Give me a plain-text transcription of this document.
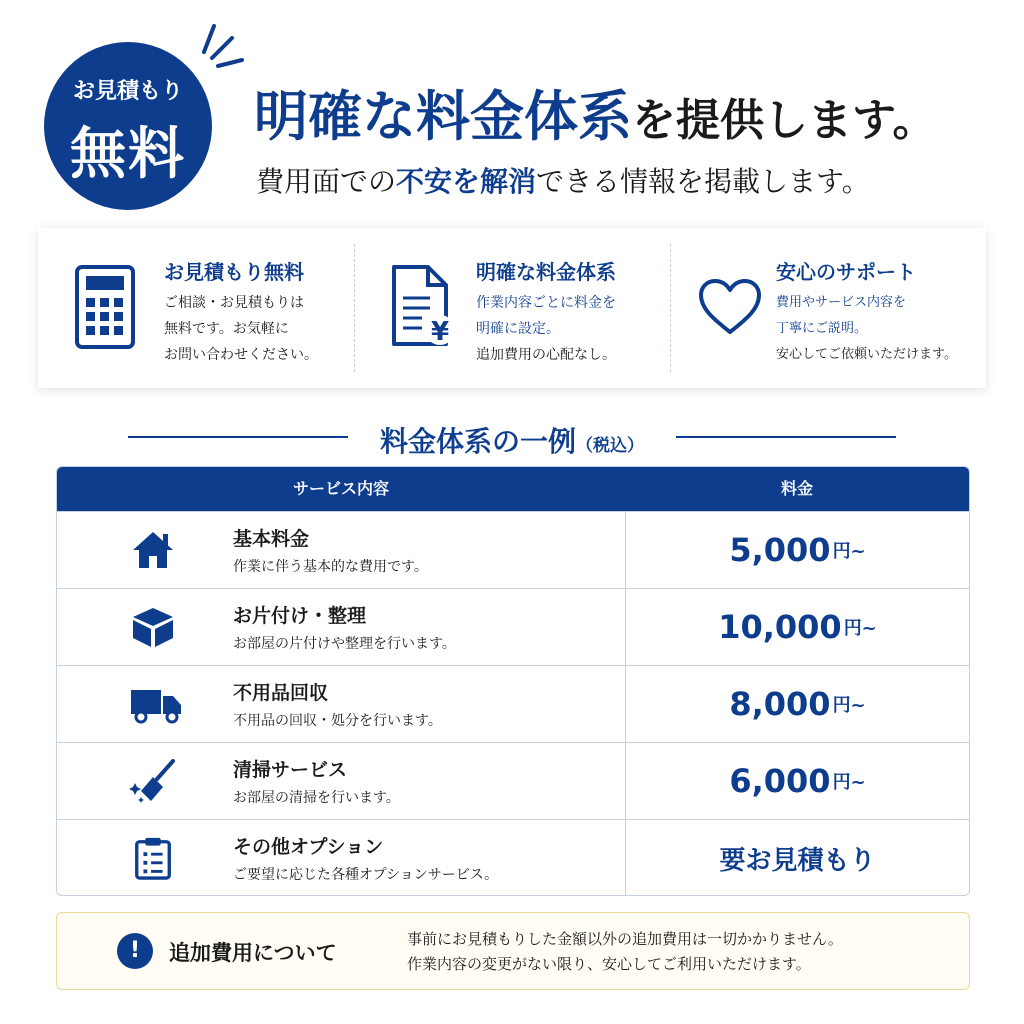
お見積もり
無料
明確な料金体系を提供します。
費用面での不安を解消できる情報を掲載します。
お見積もり無料
ご相談・お見積もりは
無料です。お気軽に
お問い合わせください。
¥
明確な料金体系
作業内容ごとに料金を
明確に設定。
追加費用の心配なし。
安心のサポート
費用やサービス内容を
丁寧にご説明。
安心してご依頼いただけます。
料金体系の一例（税込）
サービス内容	料金
基本料金
作業に伴う基本的な費用です。	5,000 円~
お片付け・整理
お部屋の片付けや整理を行います。	10,000 円~
不用品回収
不用品の回収・処分を行います。	8,000 円~
清掃サービス
お部屋の清掃を行います。	6,000 円~
その他オプション
ご要望に応じた各種オプションサービス。	要お見積もり
!	追加費用について
事前にお見積もりした金額以外の追加費用は一切かかりません。
作業内容の変更がない限り、安心してご利用いただけます。
